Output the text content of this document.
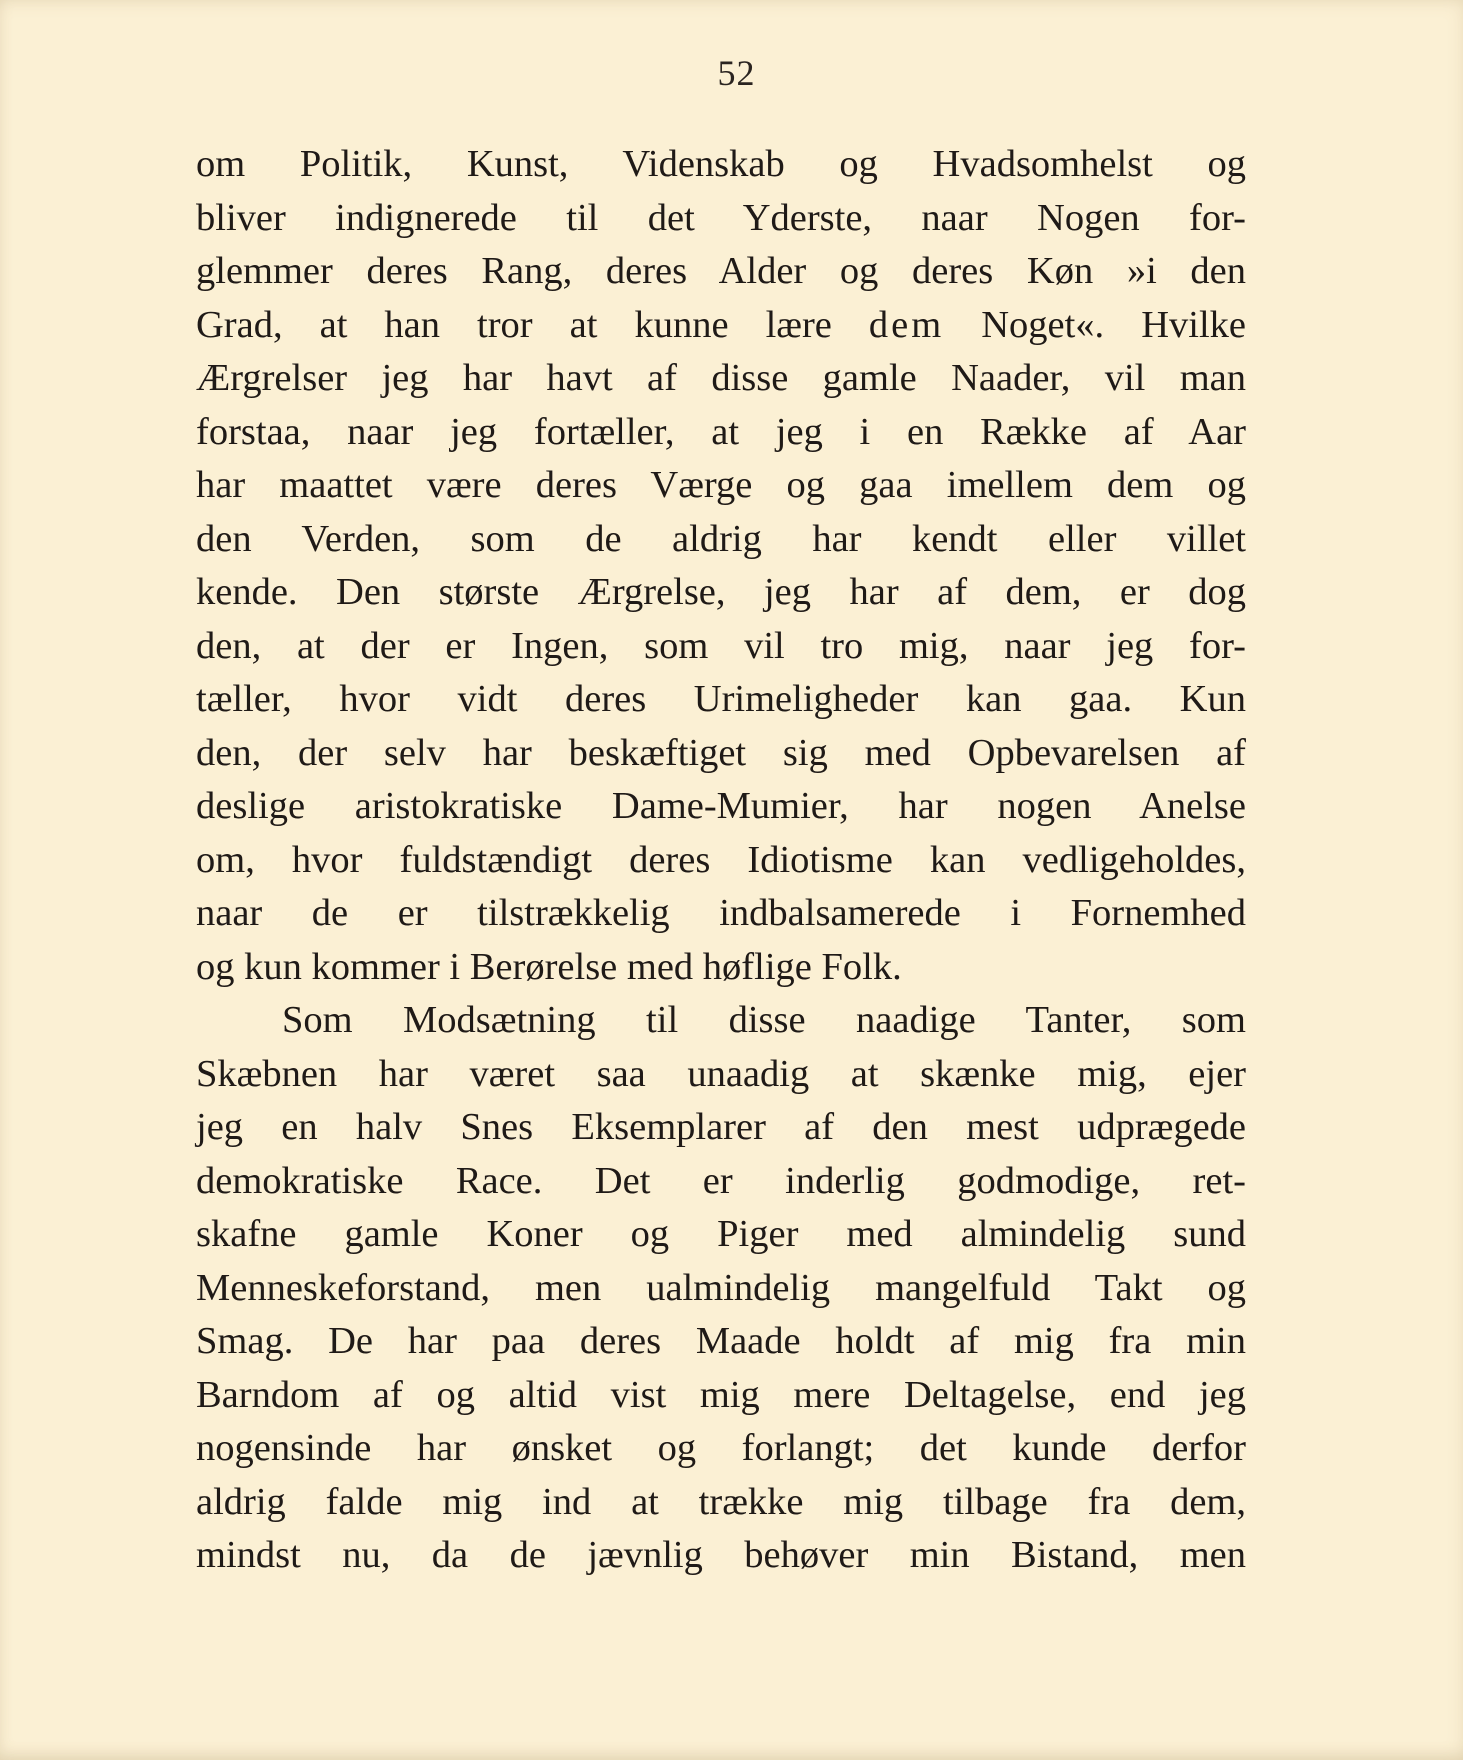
52
om Politik, Kunst, Videnskab og Hvadsomhelst og
bliver indignerede til det Yderste, naar Nogen for-
glemmer deres Rang, deres Alder og deres Køn »i den
Grad, at han tror at kunne lære dem Noget«. Hvilke
Ærgrelser jeg har havt af disse gamle Naader, vil man
forstaa, naar jeg fortæller, at jeg i en Række af Aar
har maattet være deres Værge og gaa imellem dem og
den Verden, som de aldrig har kendt eller villet
kende. Den største Ærgrelse, jeg har af dem, er dog
den, at der er Ingen, som vil tro mig, naar jeg for-
tæller, hvor vidt deres Urimeligheder kan gaa. Kun
den, der selv har beskæftiget sig med Opbevarelsen af
deslige aristokratiske Dame-Mumier, har nogen Anelse
om, hvor fuldstændigt deres Idiotisme kan vedligeholdes,
naar de er tilstrækkelig indbalsamerede i Fornemhed
og kun kommer i Berørelse med høflige Folk.
Som Modsætning til disse naadige Tanter, som
Skæbnen har været saa unaadig at skænke mig, ejer
jeg en halv Snes Eksemplarer af den mest udprægede
demokratiske Race. Det er inderlig godmodige, ret-
skafne gamle Koner og Piger med almindelig sund
Menneskeforstand, men ualmindelig mangelfuld Takt og
Smag. De har paa deres Maade holdt af mig fra min
Barndom af og altid vist mig mere Deltagelse, end jeg
nogensinde har ønsket og forlangt; det kunde derfor
aldrig falde mig ind at trække mig tilbage fra dem,
mindst nu, da de jævnlig behøver min Bistand, men
